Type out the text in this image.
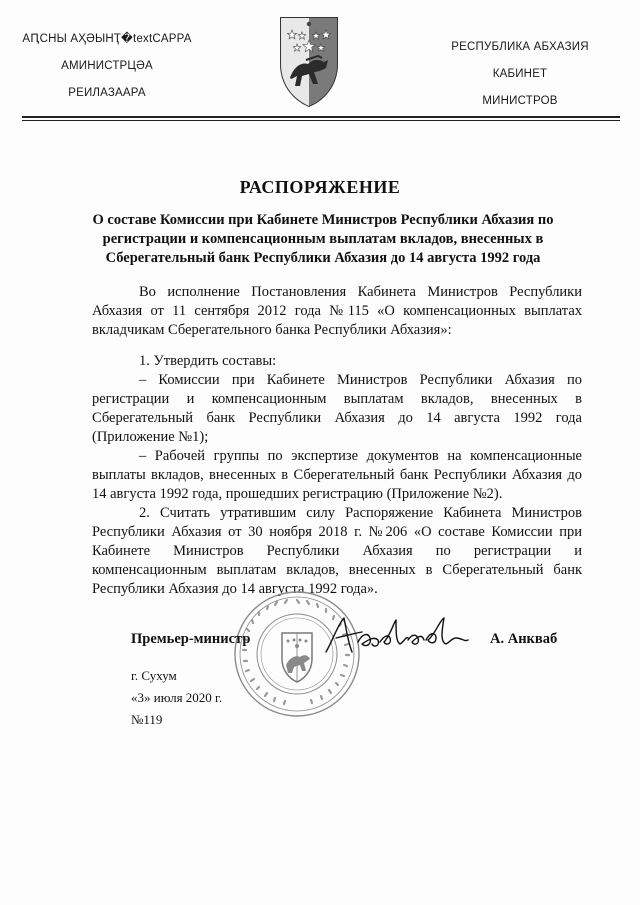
АԤСНЫ АҲӘЫНҬ�textCАРРА
АМИНИСТРЦӘА
РЕИЛАЗААРА
РЕСПУБЛИКА АБХАЗИЯ
КАБИНЕТ
МИНИСТРОВ
РАСПОРЯЖЕНИЕ
О составе Комиссии при Кабинете Министров Республики Абхазия по регистрации и компенсационным выплатам вкладов, внесенных в Сберегательный банк Республики Абхазия до 14 августа 1992 года

Во исполнение Постановления Кабинета Министров Республики Абхазия от 11 сентября 2012 года №115 «О компенсационных выплатах вкладчикам Сберегательного банка Республики Абхазия»:

1. Утвердить составы:

– Комиссии при Кабинете Министров Республики Абхазия по регистрации и компенсационным выплатам вкладов, внесенных в Сберегательный банк Республики Абхазия до 14 августа 1992 года (Приложение №1);

– Рабочей группы по экспертизе документов на компенсационные выплаты вкладов, внесенных в Сберегательный банк Республики Абхазия до 14 августа 1992 года, прошедших регистрацию (Приложение №2).

2. Считать утратившим силу Распоряжение Кабинета Министров Республики Абхазия от 30 ноября 2018 г. №206 «О составе Комиссии при Кабинете Министров Республики Абхазия по регистрации и компенсационным выплатам вкладов, внесенных в Сберегательный банк Республики Абхазия до 14 августа 1992 года».

Премьер-министр	А. Анкваб
г. Сухум
«3» июля 2020 г.
№119
